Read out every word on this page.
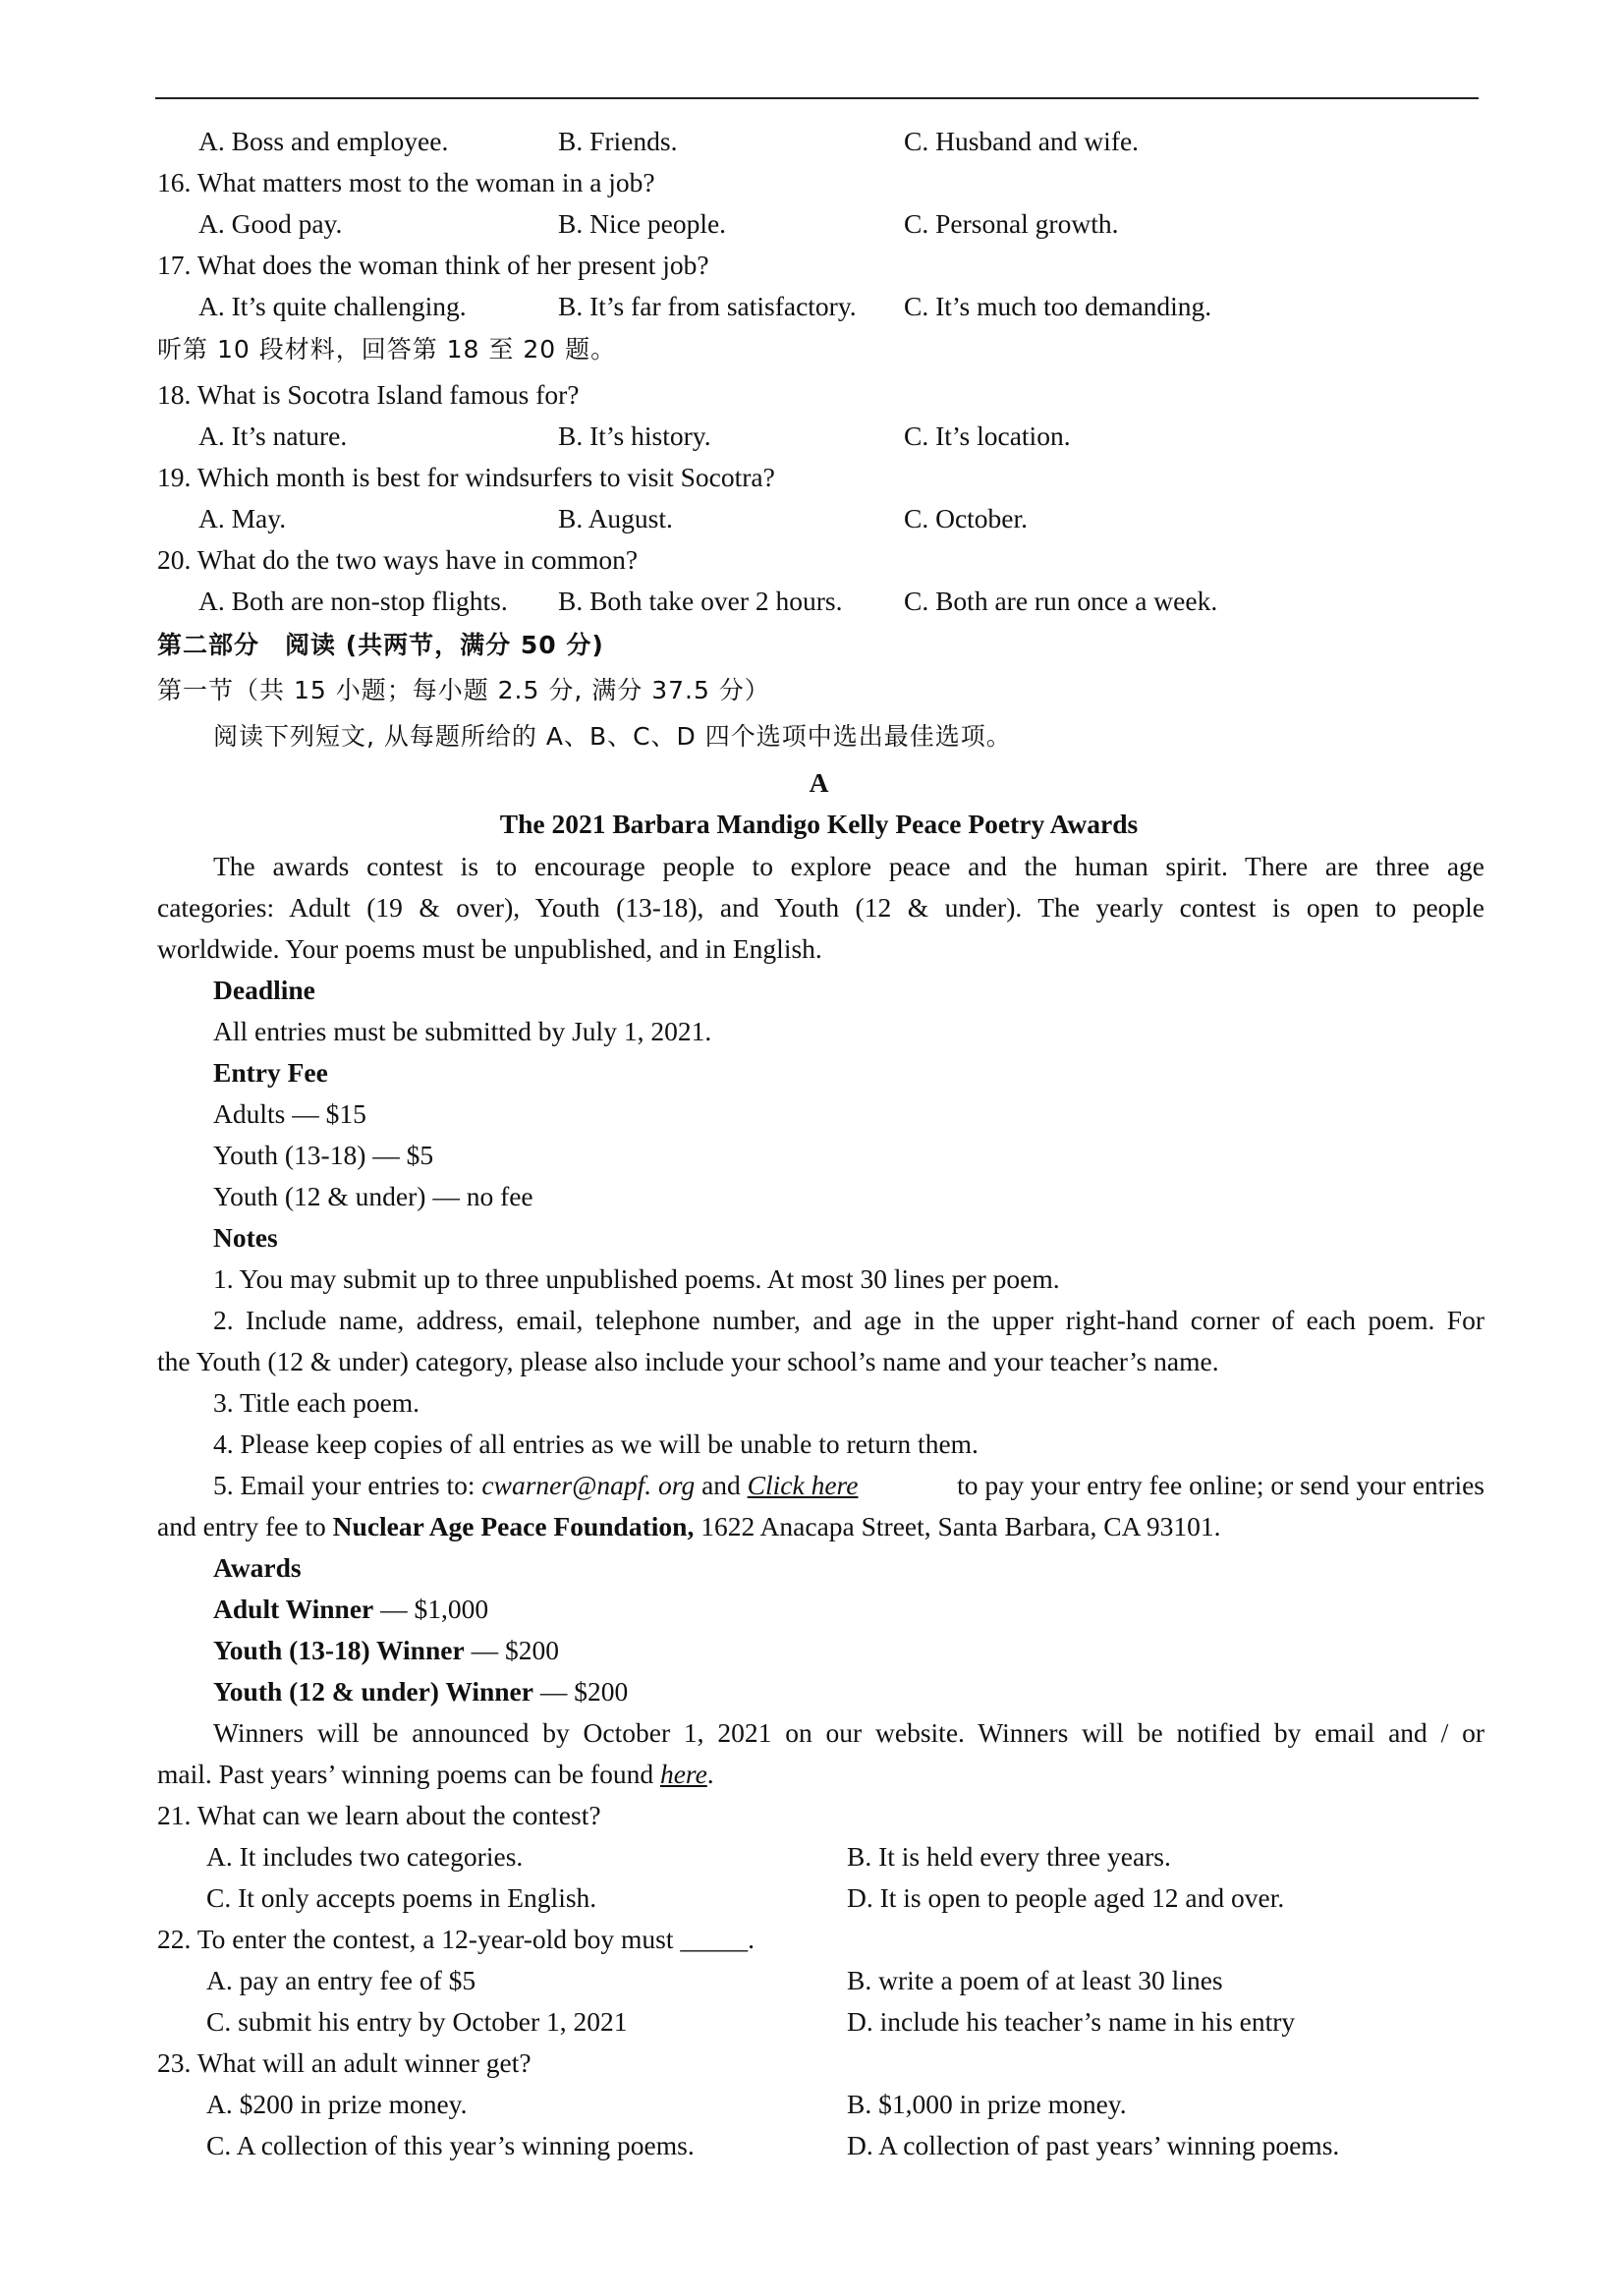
A. Boss and employee.	B. Friends.	C. Husband and wife.
16. What matters most to the woman in a job?
A. Good pay.	B. Nice people.	C. Personal growth.
17. What does the woman think of her present job?
A. It’s quite challenging.	B. It’s far from satisfactory. C. It’s much too demanding.
听第 10 段材料，回答第 18 至 20 题。
18. What is Socotra Island famous for?
A. It’s nature.	B. It’s history.	C. It’s location.
19. Which month is best for windsurfers to visit Socotra?
A. May.	B. August.	C. October.
20. What do the two ways have in common?
A. Both are non-stop flights. B. Both take over 2 hours. C. Both are run once a week.
第二部分　阅读 (共两节，满分 50 分)
第一节（共 15 小题；每小题 2.5 分, 满分 37.5 分）
阅读下列短文, 从每题所给的 A、B、C、D 四个选项中选出最佳选项。
A
The 2021 Barbara Mandigo Kelly Peace Poetry Awards
The awards contest is to encourage people to explore peace and the human spirit. There are three age
categories: Adult (19 & over), Youth (13-18), and Youth (12 & under). The yearly contest is open to people
worldwide. Your poems must be unpublished, and in English.
Deadline
All entries must be submitted by July 1, 2021.
Entry Fee
Adults — $15
Youth (13-18) — $5
Youth (12 & under) — no fee
Notes
1. You may submit up to three unpublished poems. At most 30 lines per poem.
2. Include name, address, email, telephone number, and age in the upper right-hand corner of each poem. For
the Youth (12 & under) category, please also include your school’s name and your teacher’s name.
3. Title each poem.
4. Please keep copies of all entries as we will be unable to return them.
5. Email your entries to: cwarner@napf. org and Click here	to pay your entry fee online; or send your entries
and entry fee to Nuclear Age Peace Foundation, 1622 Anacapa Street, Santa Barbara, CA 93101.
Awards
Adult Winner — $1,000
Youth (13-18) Winner — $200
Youth (12 & under) Winner — $200
Winners will be announced by October 1, 2021 on our website. Winners will be notified by email and / or
mail. Past years’ winning poems can be found here.
21. What can we learn about the contest?
A. It includes two categories.	B. It is held every three years.
C. It only accepts poems in English.	D. It is open to people aged 12 and over.
22. To enter the contest, a 12-year-old boy must _____.
A. pay an entry fee of $5	B. write a poem of at least 30 lines
C. submit his entry by October 1, 2021	D. include his teacher’s name in his entry
23. What will an adult winner get?
A. $200 in prize money.	B. $1,000 in prize money.
C. A collection of this year’s winning poems.	D. A collection of past years’ winning poems.
